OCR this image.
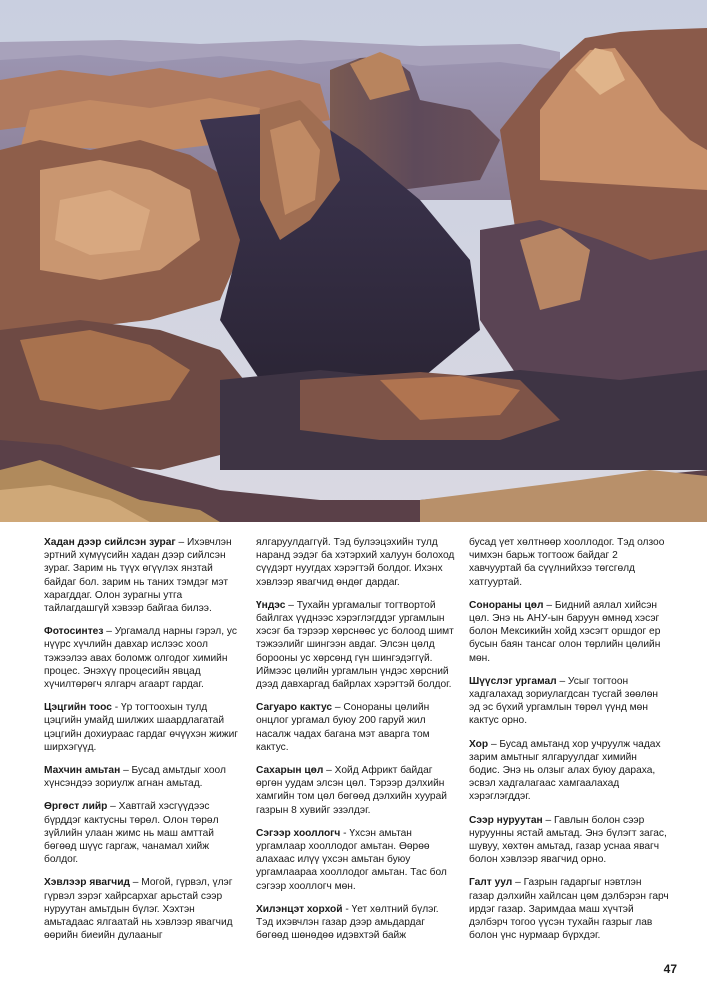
Хадан дээр сийлсэн зураг – Ихэвчлэн эртний хүмүүсийн хадан дээр сийлсэн зураг. Зарим нь түүх өгүүлэх янзтай байдаг бол. зарим нь таних тэмдэг мэт харагддаг. Олон зурагны утга тайлагдашгүй хэвээр байгаа билээ.

Фотосинтез – Ургамалд нарны гэрэл, ус нүүрс хүчлийн давхар ислээс хоол тэжээлээ авах боломж олгодог химийн процес. Энэхүү процесийн явцад хүчилтөрөгч ялгарч агаарт гардаг.

Цэцгийн тоос - Үр тогтоохын тулд цэцгийн умайд шилжих шаардлагатай цэцгийн дохиураас гардаг өчүүхэн жижиг ширхэгүүд.

Махчин амьтан – Бусад амьтдыг хоол хүнсэндээ зориулж агнан амьтад.

Өргөст лийр – Хавтгай хэсгүүдээс бүрддэг кактусны төрөл. Олон төрөл зүйлийн улаан жимс нь маш амттай бөгөөд шүүс гаргаж, чанамал хийж болдог.

Хэвлээр явагчид – Могой, гүрвэл, үлэг гүрвэл зэрэг хайрсархаг арьстай сээр нуруутан амьтдын бүлэг. Хэхтэн амьтадаас ялгаатай нь хэвлээр явагчид өөрийн биеийн дулааныг

ялгаруулдаггүй. Тэд булээцэхийн тулд наранд ээдэг ба хэтэрхий халуун болоход сүүдэрт нуугдах хэрэгтэй болдог. Ихэнх хэвлээр явагчид өндөг дардаг.

Үндэс – Тухайн ургамалыг тогтвортой байлгах үүднээс хэрэглэгддэг ургамлын хэсэг ба тэрээр хөрснөөс ус болоод шимт тэжээлийг шингээн авдаг. Элсэн цөлд борооны ус хөрсөнд гүн шингэдэггүй. Иймээс цөлийн ургамлын үндэс хөрсний дээд давхаргад байрлах хэрэгтэй болдог.

Сагуаро кактус – Сонораны цөлийн онцлог ургамал буюу 200 гаруй жил насалж чадах багана мэт аварга том кактус.

Сахарын цөл – Хойд Африкт байдаг өргөн уудам элсэн цөл. Тэрээр дэлхийн хамгийн том цөл бөгөөд дэлхийн хуурай газрын 8 хувийг эзэлдэг.

Сэгээр хооллогч - Үхсэн амьтан ургамлаар хооллодог амьтан. Өөрөө алахаас илүү үхсэн амьтан буюу ургамлаараа хооллодог амьтан. Тас бол сэгээр хооллогч мөн.

Хилэнцэт хорхой - Үет хөлтний бүлэг. Тэд ихэвчлэн газар дээр амьдардаг бөгөөд шөнөдөө идэвхтэй байж

бусад үет хөлтнөөр хооллодог. Тэд олзоо чимхэн барьж тогтоож байдаг 2 хавчууртай ба сүүлнийхээ төгсгөлд хатгууртай.

Сонораны цөл – Бидний аялал хийсэн цөл. Энэ нь АНУ-ын баруун өмнөд хэсэг болон Мексикийн хойд хэсэгт оршдог ер бусын баян тансаг олон төрлийн цөлийн мөн.

Шүүслэг ургамал – Усыг тогтоон хадгалахад зориулагдсан тусгай зөөлөн эд эс бүхий ургамлын төрөл үүнд мөн кактус орно.

Хор – Бусад амьтанд хор учруулж чадах зарим амьтныг ялгаруулдаг химийн бодис. Энэ нь олзыг алах буюу дараха, эсвэл хадгалагаас хамгаалахад хэрэглэгддэг.

Сээр нуруутан – Гавлын болон сээр нуруунны ястай амьтад. Энэ бүлэгт загас, шувуу, хөхтөн амьтад, газар уснаа явагч болон хэвлээр явагчид орно.

Галт уул – Газрын гадаргыг нэвтлэн газар дэлхийн хайлсан цөм дэлбэрэн гарч ирдэг газар. Заримдаа маш хүчтэй дэлбэрч тогоо үүсэн тухайн газрыг лав болон үнс нурмаар бүрхдэг.

47
